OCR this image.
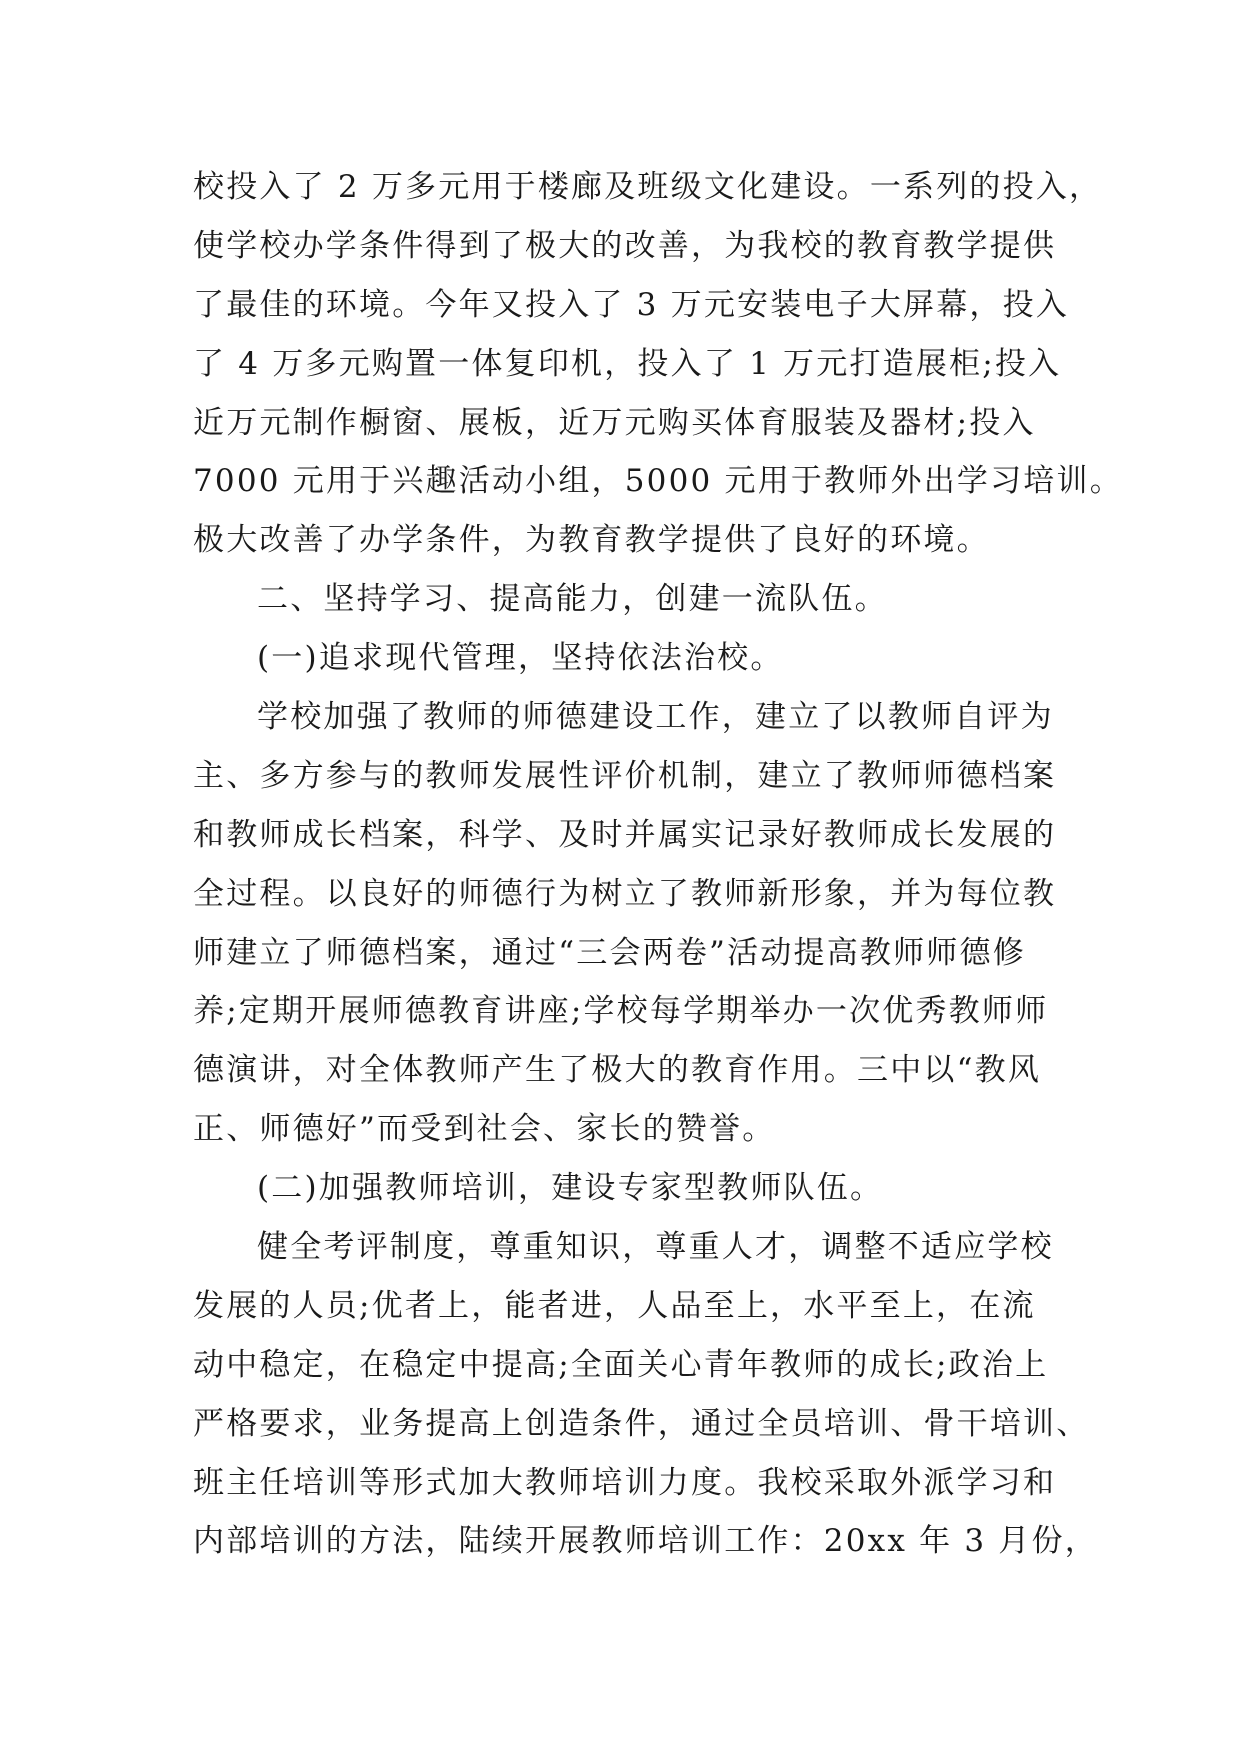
校投入了 2 万多元用于楼廊及班级文化建设。一系列的投入，
使学校办学条件得到了极大的改善，为我校的教育教学提供
了最佳的环境。今年又投入了 3 万元安装电子大屏幕，投入
了 4 万多元购置一体复印机，投入了 1 万元打造展柜;投入
近万元制作橱窗、展板，近万元购买体育服装及器材;投入
7000 元用于兴趣活动小组，5000 元用于教师外出学习培训。
极大改善了办学条件，为教育教学提供了良好的环境。
二、坚持学习、提高能力，创建一流队伍。
(一)追求现代管理，坚持依法治校。
学校加强了教师的师德建设工作，建立了以教师自评为
主、多方参与的教师发展性评价机制，建立了教师师德档案
和教师成长档案，科学、及时并属实记录好教师成长发展的
全过程。以良好的师德行为树立了教师新形象，并为每位教
师建立了师德档案，通过“三会两卷”活动提高教师师德修
养;定期开展师德教育讲座;学校每学期举办一次优秀教师师
德演讲，对全体教师产生了极大的教育作用。三中以“教风
正、师德好”而受到社会、家长的赞誉。
(二)加强教师培训，建设专家型教师队伍。
健全考评制度，尊重知识，尊重人才，调整不适应学校
发展的人员;优者上，能者进，人品至上，水平至上，在流
动中稳定，在稳定中提高;全面关心青年教师的成长;政治上
严格要求，业务提高上创造条件，通过全员培训、骨干培训、
班主任培训等形式加大教师培训力度。我校采取外派学习和
内部培训的方法，陆续开展教师培训工作：20xx 年 3 月份，
